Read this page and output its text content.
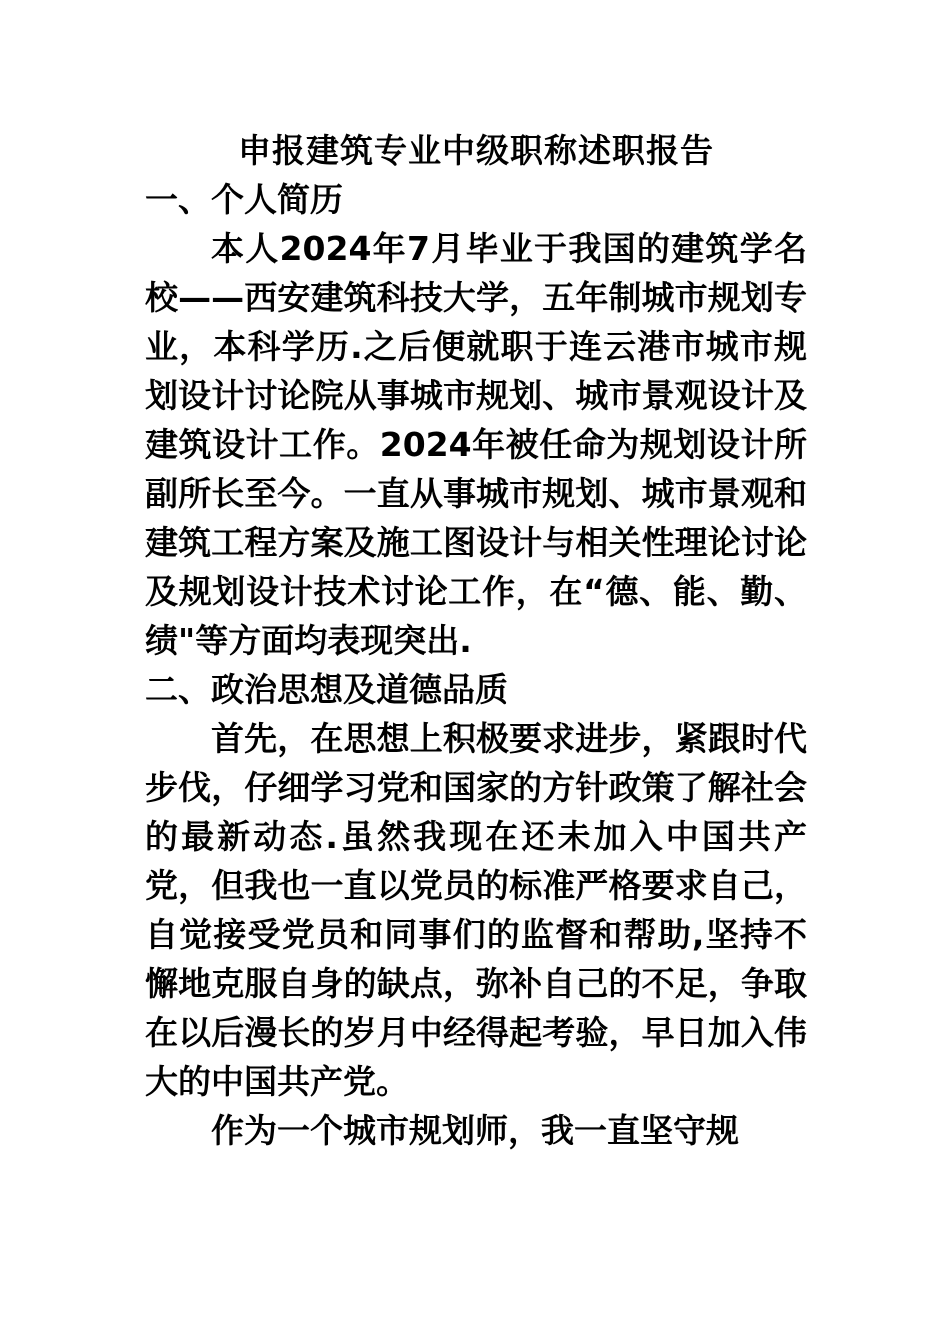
申报建筑专业中级职称述职报告
一、个人简历

本人2024年7月毕业于我国的建筑学名校——西安建筑科技大学，五年制城市规划专业，本科学历.之后便就职于连云港市城市规划设计讨论院从事城市规划、城市景观设计及建筑设计工作。2024年被任命为规划设计所副所长至今。一直从事城市规划、城市景观和建筑工程方案及施工图设计与相关性理论讨论及规划设计技术讨论工作，在“德、能、勤、绩"等方面均表现突出.

二、政治思想及道德品质

首先，在思想上积极要求进步，紧跟时代步伐，仔细学习党和国家的方针政策了解社会的最新动态.虽然我现在还未加入中国共产党，但我也一直以党员的标准严格要求自己，自觉接受党员和同事们的监督和帮助,坚持不懈地克服自身的缺点，弥补自己的不足，争取在以后漫长的岁月中经得起考验，早日加入伟大的中国共产党。

作为一个城市规划师，我一直坚守规
